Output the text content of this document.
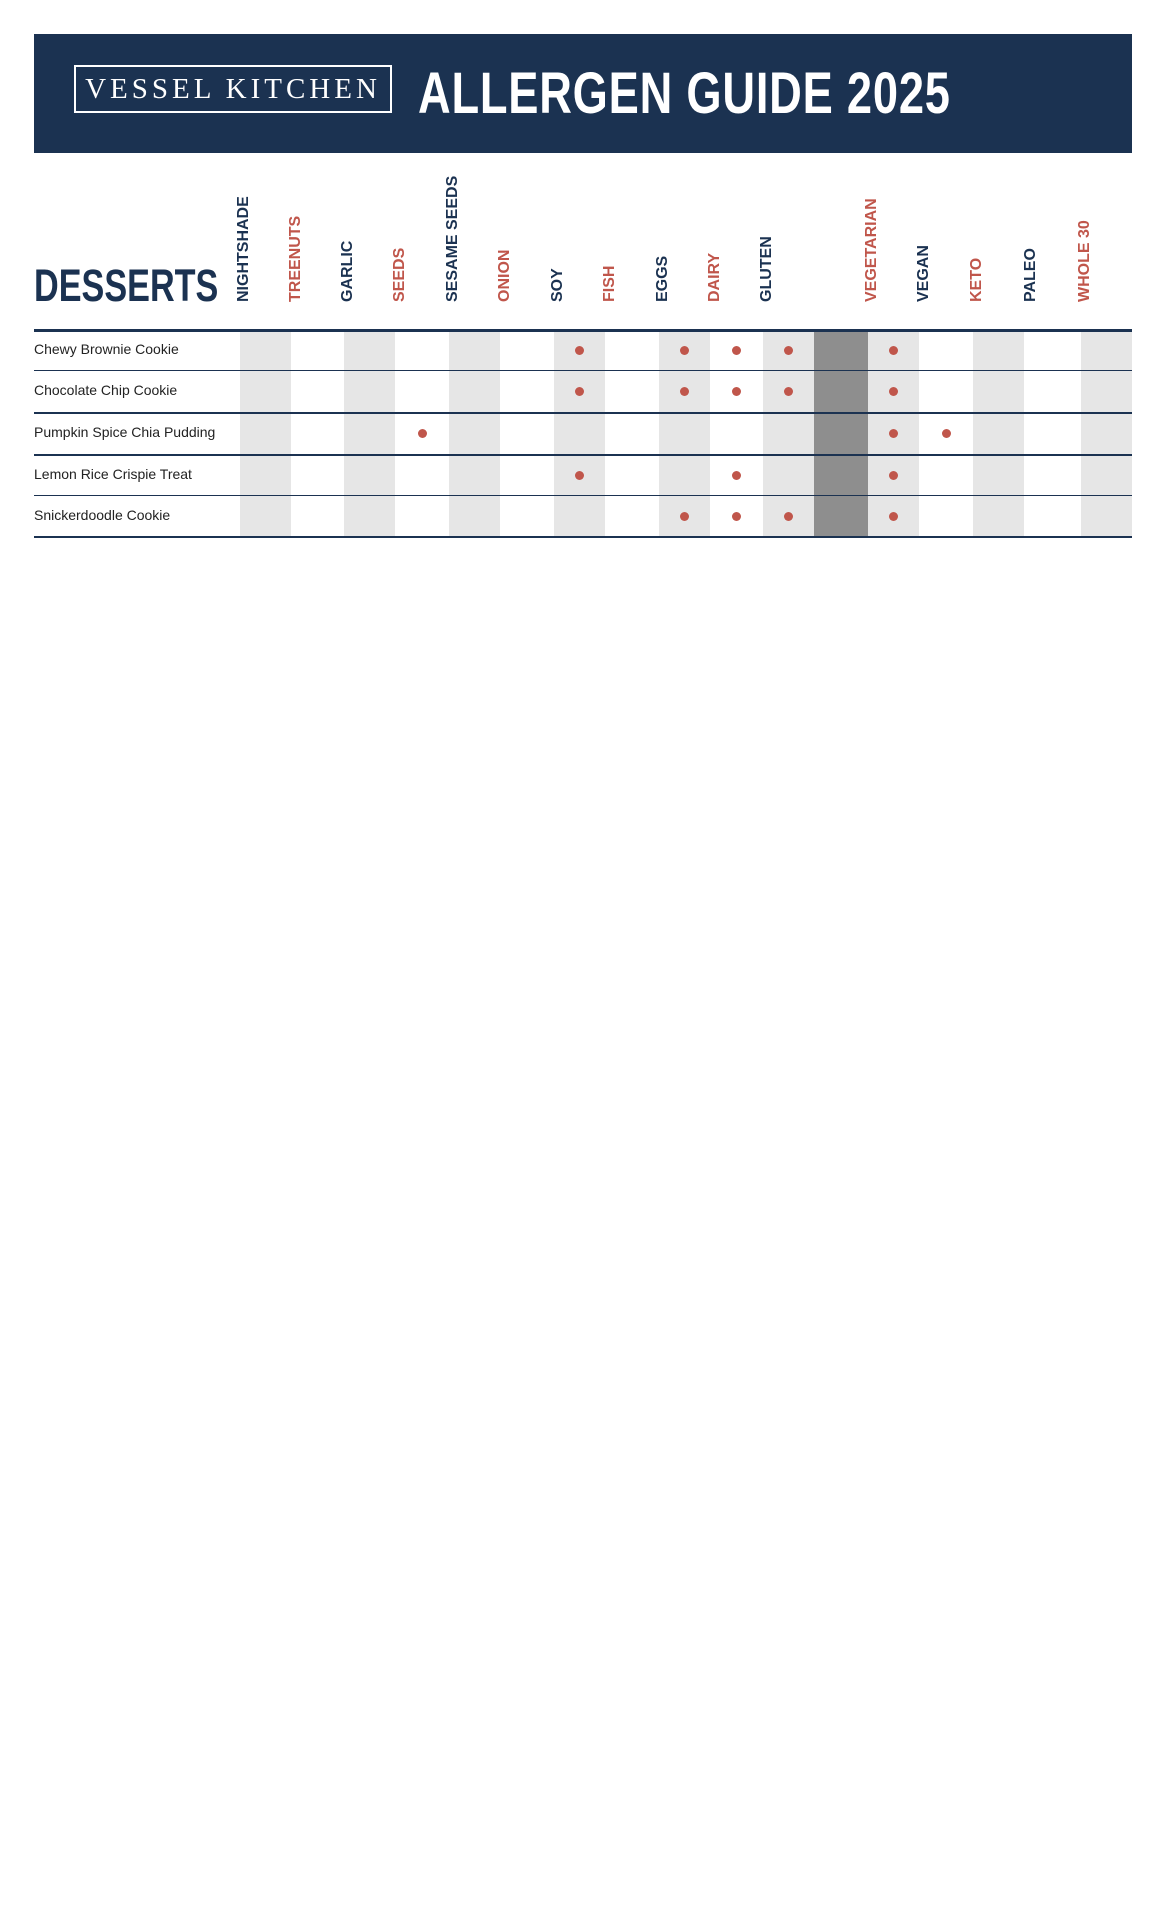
VESSEL KITCHEN ALLERGEN GUIDE 2025
DESSERTS NIGHTSHADE TREENUTS GARLIC SEEDS SESAME SEEDS ONION SOY FISH EGGS DAIRY GLUTEN	VEGETARIAN VEGAN KETO PALEO WHOLE 30
Chewy Brownie Cookie
Chocolate Chip Cookie
Pumpkin Spice Chia Pudding
Lemon Rice Crispie Treat
Snickerdoodle Cookie
